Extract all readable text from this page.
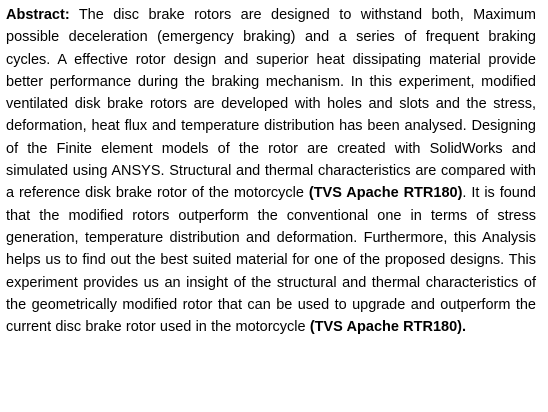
Abstract: The disc brake rotors are designed to withstand both, Maximum possible deceleration (emergency braking) and a series of frequent braking cycles. A effective rotor design and superior heat dissipating material provide better performance during the braking mechanism. In this experiment, modified ventilated disk brake rotors are developed with holes and slots and the stress, deformation, heat flux and temperature distribution has been analysed. Designing of the Finite element models of the rotor are created with SolidWorks and simulated using ANSYS. Structural and thermal characteristics are compared with a reference disk brake rotor of the motorcycle (TVS Apache RTR180). It is found that the modified rotors outperform the conventional one in terms of stress generation, temperature distribution and deformation. Furthermore, this Analysis helps us to find out the best suited material for one of the proposed designs. This experiment provides us an insight of the structural and thermal characteristics of the geometrically modified rotor that can be used to upgrade and outperform the current disc brake rotor used in the motorcycle (TVS Apache RTR180).
